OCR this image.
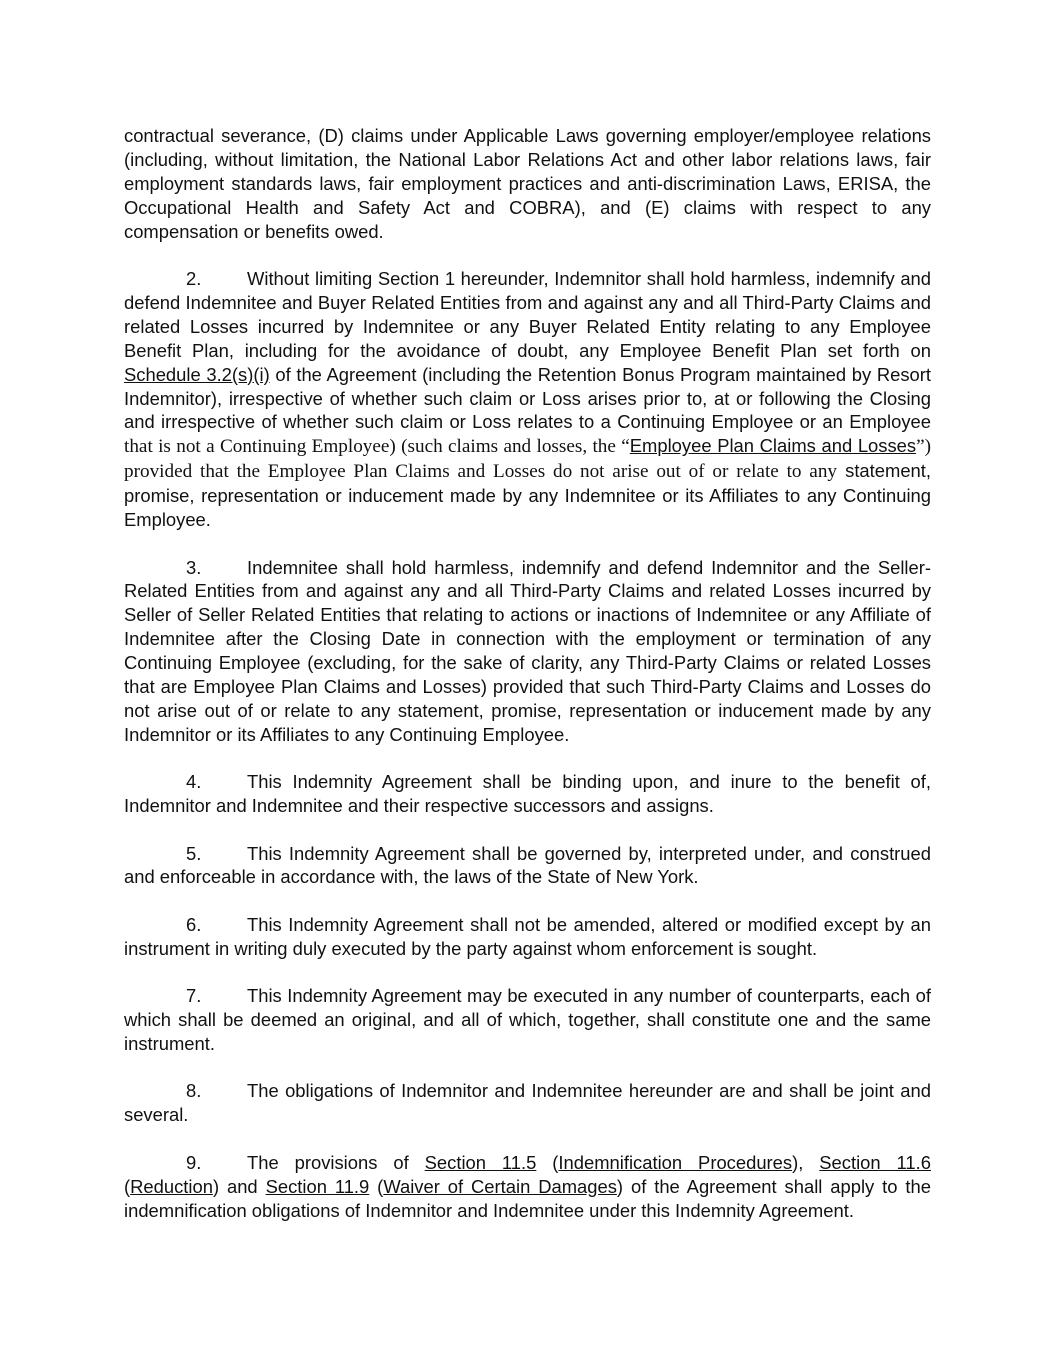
contractual severance, (D) claims under Applicable Laws governing employer/employee relations (including, without limitation, the National Labor Relations Act and other labor relations laws, fair employment standards laws, fair employment practices and anti-discrimination Laws, ERISA, the Occupational Health and Safety Act and COBRA), and (E) claims with respect to any compensation or benefits owed.

2. Without limiting Section 1 hereunder, Indemnitor shall hold harmless, indemnify and defend Indemnitee and Buyer Related Entities from and against any and all Third-Party Claims and related Losses incurred by Indemnitee or any Buyer Related Entity relating to any Employee Benefit Plan, including for the avoidance of doubt, any Employee Benefit Plan set forth on Schedule 3.2(s)(i) of the Agreement (including the Retention Bonus Program maintained by Resort Indemnitor), irrespective of whether such claim or Loss arises prior to, at or following the Closing and irrespective of whether such claim or Loss relates to a Continuing Employee or an Employee that is not a Continuing Employee) (such claims and losses, the “Employee Plan Claims and Losses”) provided that the Employee Plan Claims and Losses do not arise out of or relate to any statement, promise, representation or inducement made by any Indemnitee or its Affiliates to any Continuing Employee.

3. Indemnitee shall hold harmless, indemnify and defend Indemnitor and the Seller-Related Entities from and against any and all Third-Party Claims and related Losses incurred by Seller of Seller Related Entities that relating to actions or inactions of Indemnitee or any Affiliate of Indemnitee after the Closing Date in connection with the employment or termination of any Continuing Employee (excluding, for the sake of clarity, any Third-Party Claims or related Losses that are Employee Plan Claims and Losses) provided that such Third-Party Claims and Losses do not arise out of or relate to any statement, promise, representation or inducement made by any Indemnitor or its Affiliates to any Continuing Employee.

4. This Indemnity Agreement shall be binding upon, and inure to the benefit of, Indemnitor and Indemnitee and their respective successors and assigns.

5. This Indemnity Agreement shall be governed by, interpreted under, and construed and enforceable in accordance with, the laws of the State of New York.

6. This Indemnity Agreement shall not be amended, altered or modified except by an instrument in writing duly executed by the party against whom enforcement is sought.

7. This Indemnity Agreement may be executed in any number of counterparts, each of which shall be deemed an original, and all of which, together, shall constitute one and the same instrument.

8. The obligations of Indemnitor and Indemnitee hereunder are and shall be joint and several.

9. The provisions of Section 11.5 (Indemnification Procedures), Section 11.6 (Reduction) and Section 11.9 (Waiver of Certain Damages) of the Agreement shall apply to the indemnification obligations of Indemnitor and Indemnitee under this Indemnity Agreement.
